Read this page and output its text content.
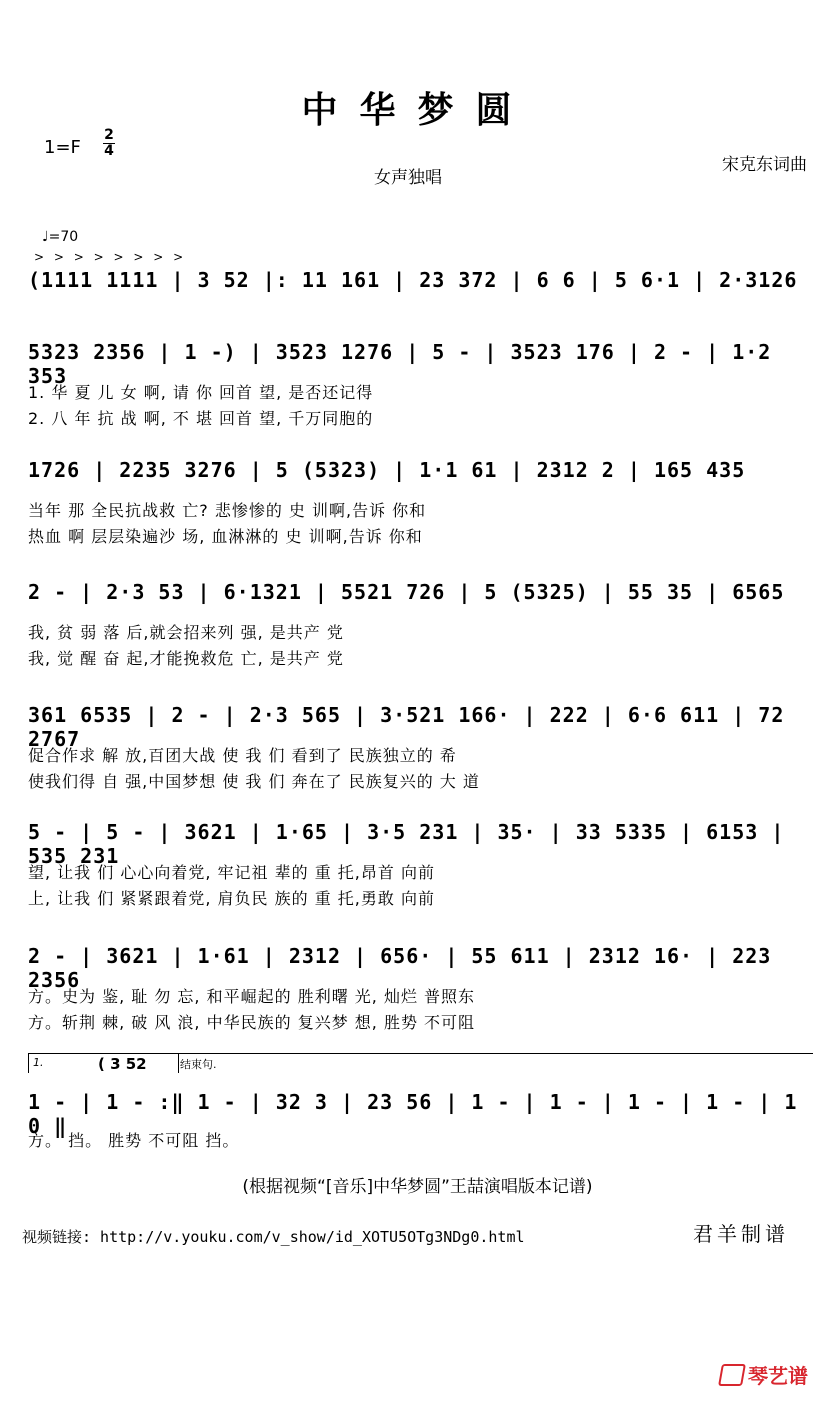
中华梦圆
1=F
2
4
女声独唱
宋克东词曲
♩=70
> > > > > > > >
(1111 1111 | 3 52 |: 11 161 | 23 372 | 6 6 | 5 6·1 | 2·3126
5323 2356 | 1 -) | 3523 1276 | 5 - | 3523 176 | 2 - | 1·2 353
1. 华 夏 儿 女 啊, 请 你 回首 望, 是否还记得
2. 八 年 抗 战 啊, 不 堪 回首 望, 千万同胞的
1726 | 2235 3276 | 5 (5323) | 1·1 61 | 2312 2 | 165 435
当年 那 全民抗战救 亡? 悲惨惨的 史 训啊,告诉 你和
热血 啊 层层染遍沙 场, 血淋淋的 史 训啊,告诉 你和
2 - | 2·3 53 | 6·1321 | 5521 726 | 5 (5325) | 55 35 | 6565
我, 贫 弱 落 后,就会招来列 强, 是共产 党
我, 觉 醒 奋 起,才能挽救危 亡, 是共产 党
361 6535 | 2 - | 2·3 565 | 3·521 166· | 222 | 6·6 611 | 72 2767
促合作求 解 放,百团大战 使 我 们 看到了 民族独立的 希
使我们得 自 强,中国梦想 使 我 们 奔在了 民族复兴的 大 道
5 - | 5 - | 3621 | 1·65 | 3·5 231 | 35· | 33 5335 | 6153 | 535 231
望, 让我 们 心心向着党, 牢记祖 辈的 重 托,昂首 向前
上, 让我 们 紧紧跟着党, 肩负民 族的 重 托,勇敢 向前
2 - | 3621 | 1·61 | 2312 | 656· | 55 611 | 2312 16· | 223 2356
方。史为 鉴, 耻 勿 忘, 和平崛起的 胜利曙 光, 灿烂 普照东
方。斩荆 棘, 破 风 浪, 中华民族的 复兴梦 想, 胜势 不可阻
1.	( 3 52	结束句.
1 - | 1 - :‖ 1 - | 32 3 | 23 56 | 1 - | 1 - | 1 - | 1 - | 1 0 ‖
方。 挡。 胜势 不可阻 挡。
(根据视频“[音乐]中华梦圆”王喆演唱版本记谱)
视频链接: http://v.youku.com/v_show/id_XOTU5OTg3NDg0.html	君羊制谱
琴艺谱
